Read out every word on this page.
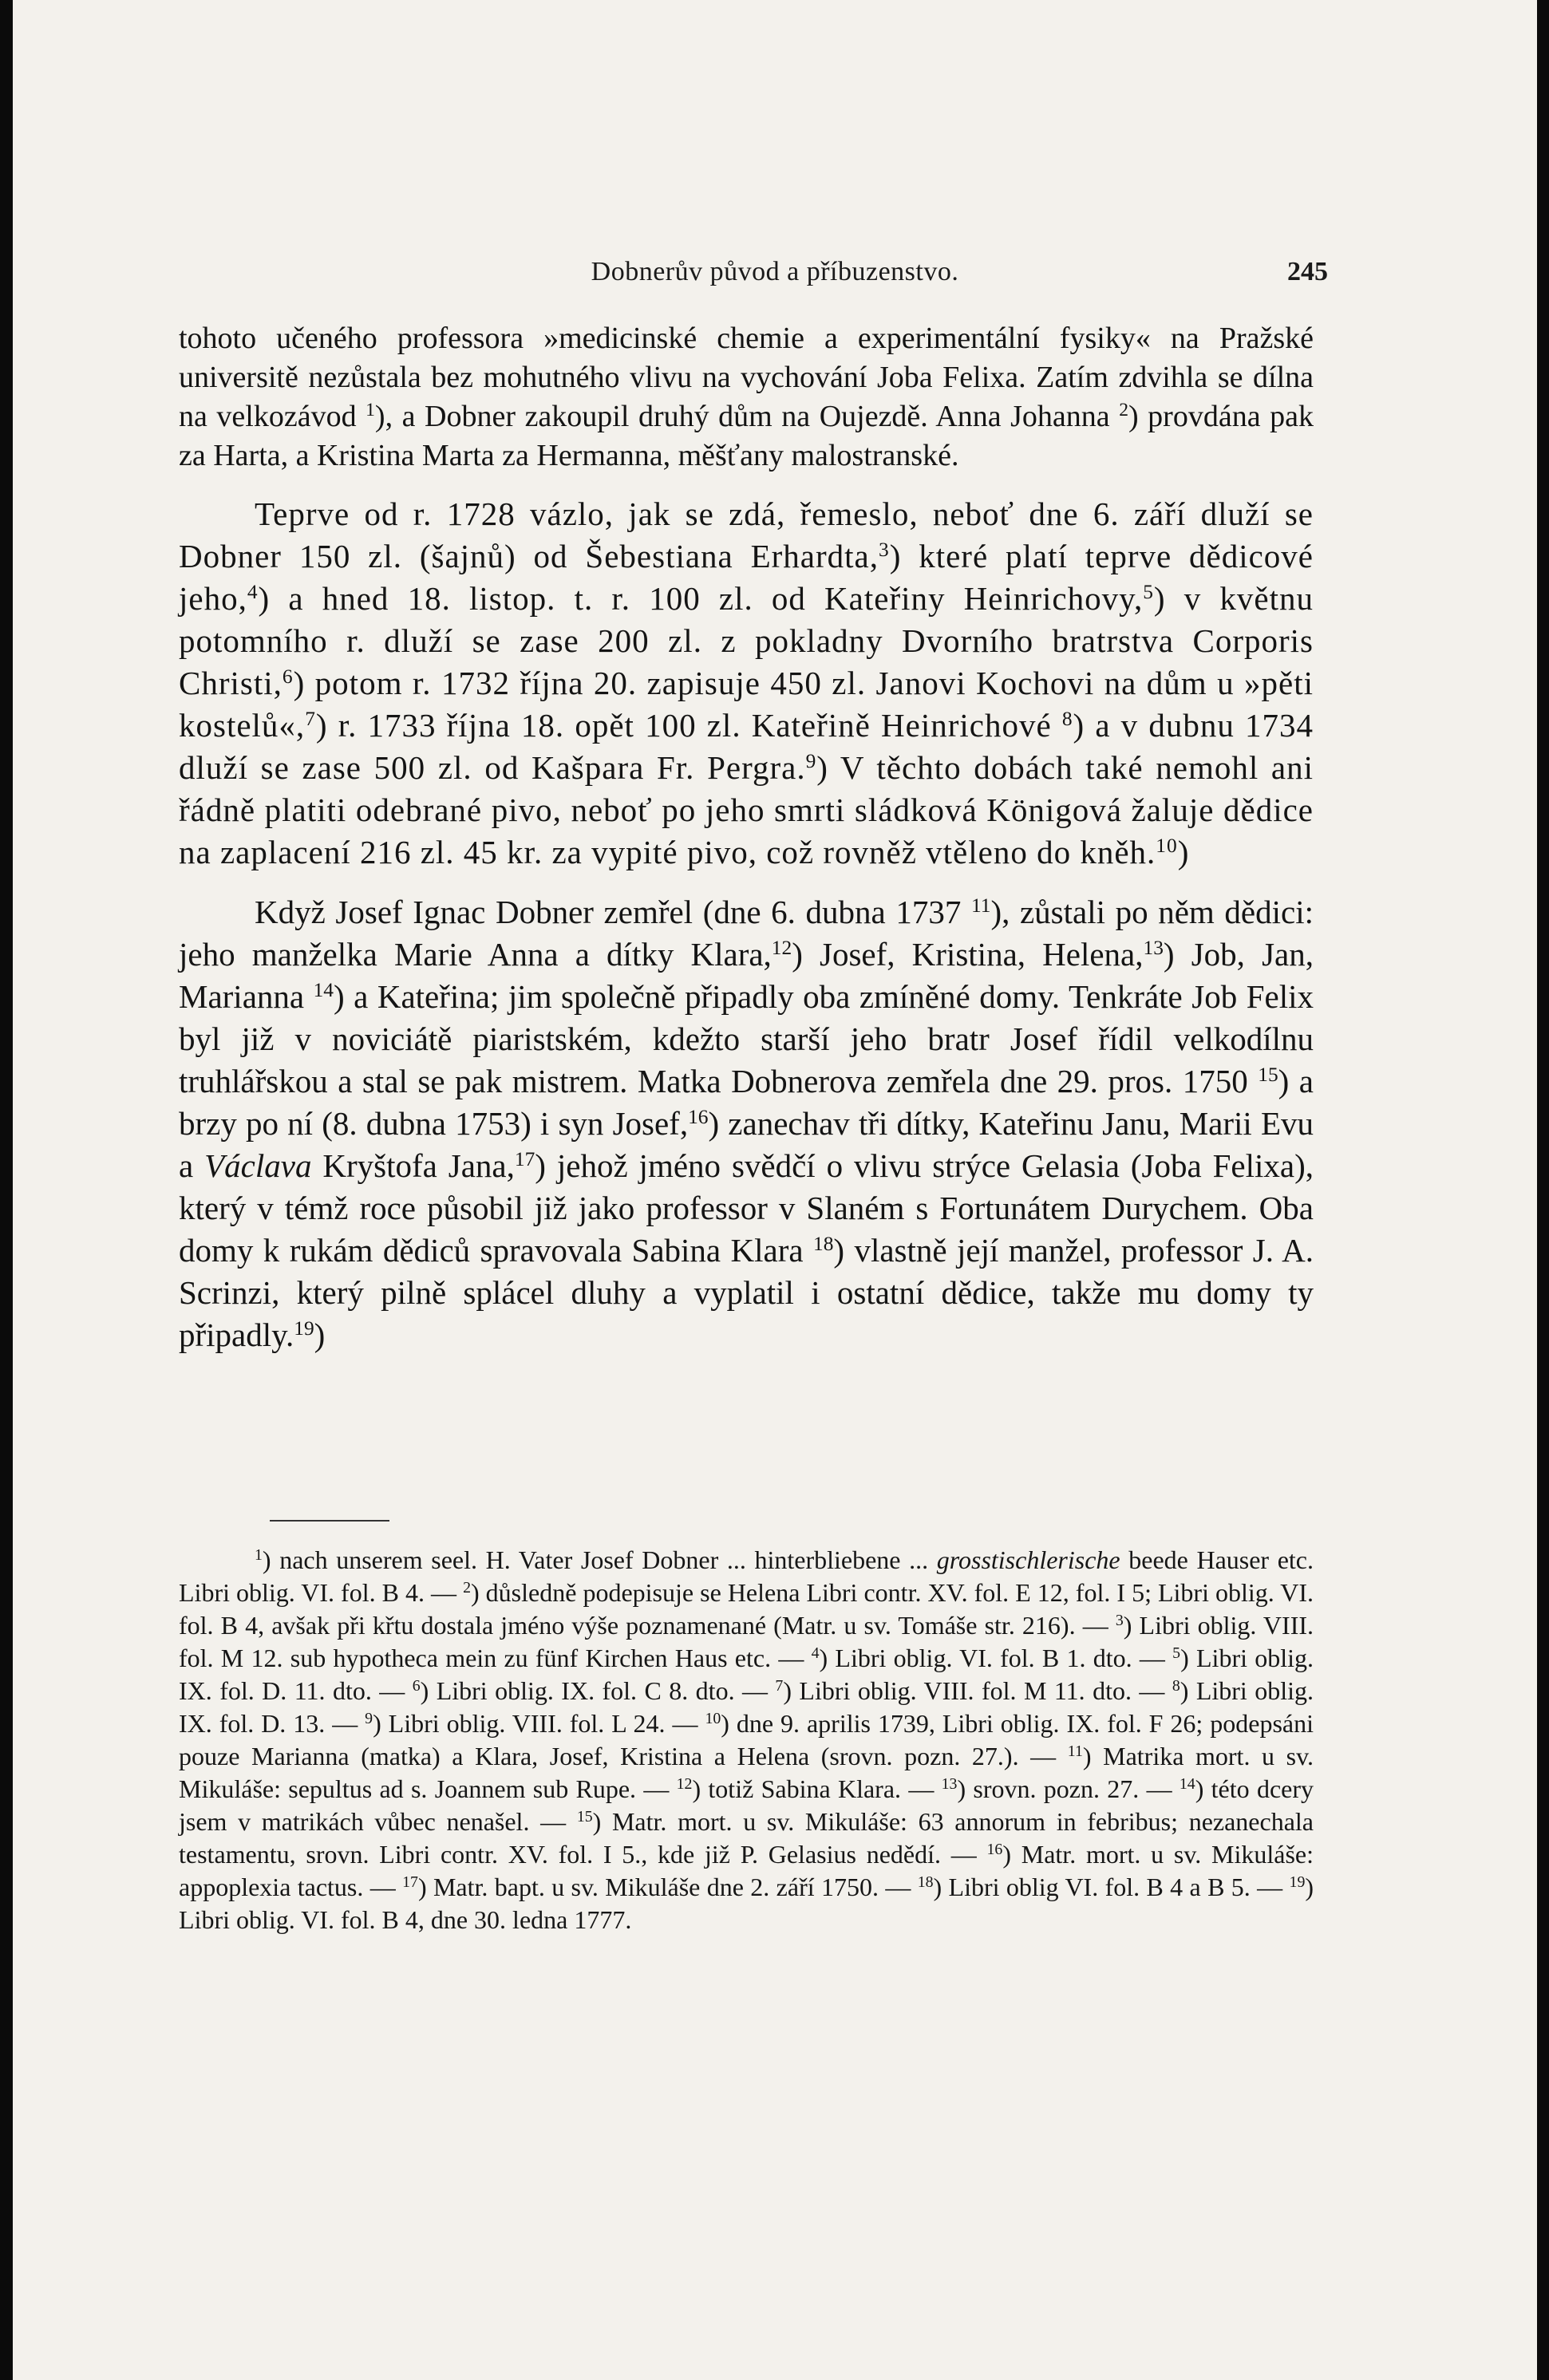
Dobnerův původ a příbuzenstvo.	245

tohoto učeného professora »medicinské chemie a experimentální fysiky« na Pražské universitě nezůstala bez mohutného vlivu na vychování Joba Felixa. Zatím zdvihla se dílna na velkozávod $^1$), a Dobner zakoupil druhý dům na Oujezdě. Anna Johanna $^2$) provdána pak za Harta, a Kristina Marta za Hermanna, měšťany malostranské.

Teprve od r. 1728 vázlo, jak se zdá, řemeslo, neboť dne 6. září dluží se Dobner 150 zl. (šajnů) od Šebestiana Erhardta,$^3$) které platí teprve dědicové jeho,$^4$) a hned 18. listop. t. r. 100 zl. od Kateřiny Heinrichovy,$^5$) v květnu potomního r. dluží se zase 200 zl. z pokladny Dvorního bratrstva Corporis Christi,$^6$) potom r. 1732 října 20. zapisuje 450 zl. Janovi Kochovi na dům u »pěti kostelů«,$^7$) r. 1733 října 18. opět 100 zl. Kateřině Heinrichové $^8$) a v dubnu 1734 dluží se zase 500 zl. od Kašpara Fr. Pergra.$^9$) V těchto dobách také nemohl ani řádně platiti odebrané pivo, neboť po jeho smrti sládková Königová žaluje dědice na zaplacení 216 zl. 45 kr. za vypité pivo, což rovněž vtěleno do kněh.$^{10}$)

Když Josef Ignac Dobner zemřel (dne 6. dubna 1737 $^{11}$), zůstali po něm dědici: jeho manželka Marie Anna a dítky Klara,$^{12}$) Josef, Kristina, Helena,$^{13}$) Job, Jan, Marianna $^{14}$) a Kateřina; jim společně připadly oba zmíněné domy. Tenkráte Job Felix byl již v noviciátě piaristském, kdežto starší jeho bratr Josef řídil velkodílnu truhlářskou a stal se pak mistrem. Matka Dobnerova zemřela dne 29. pros. 1750 $^{15}$) a brzy po ní (8. dubna 1753) i syn Josef,$^{16}$) zanechav tři dítky, Kateřinu Janu, Marii Evu a Václava Kryštofa Jana,$^{17}$) jehož jméno svědčí o vlivu strýce Gelasia (Joba Felixa), který v témž roce působil již jako professor v Slaném s Fortunátem Durychem. Oba domy k rukám dědiců spravovala Sabina Klara $^{18}$) vlastně její manžel, professor J. A. Scrinzi, který pilně splácel dluhy a vyplatil i ostatní dědice, takže mu domy ty připadly.$^{19}$)

$^1$) nach unserem seel. H. Vater Josef Dobner ... hinterbliebene ... grosstischlerische beede Hauser etc. Libri oblig. VI. fol. B 4. — $^2$) důsledně podepisuje se Helena Libri contr. XV. fol. E 12, fol. I 5; Libri oblig. VI. fol. B 4, avšak při křtu dostala jméno výše poznamenané (Matr. u sv. Tomáše str. 216). — $^3$) Libri oblig. VIII. fol. M 12. sub hypotheca mein zu fünf Kirchen Haus etc. — $^4$) Libri oblig. VI. fol. B 1. dto. — $^5$) Libri oblig. IX. fol. D. 11. dto. — $^6$) Libri oblig. IX. fol. C 8. dto. — $^7$) Libri oblig. VIII. fol. M 11. dto. — $^8$) Libri oblig. IX. fol. D. 13. — $^9$) Libri oblig. VIII. fol. L 24. — $^{10}$) dne 9. aprilis 1739, Libri oblig. IX. fol. F 26; podepsáni pouze Marianna (matka) a Klara, Josef, Kristina a Helena (srovn. pozn. 27.). — $^{11}$) Matrika mort. u sv. Mikuláše: sepultus ad s. Joannem sub Rupe. — $^{12}$) totiž Sabina Klara. — $^{13}$) srovn. pozn. 27. — $^{14}$) této dcery jsem v matrikách vůbec nenašel. — $^{15}$) Matr. mort. u sv. Mikuláše: 63 annorum in febribus; nezanechala testamentu, srovn. Libri contr. XV. fol. I 5., kde již P. Gelasius nedědí. — $^{16}$) Matr. mort. u sv. Mikuláše: appoplexia tactus. — $^{17}$) Matr. bapt. u sv. Mikuláše dne 2. září 1750. — $^{18}$) Libri oblig VI. fol. B 4 a B 5. — $^{19}$) Libri oblig. VI. fol. B 4, dne 30. ledna 1777.
